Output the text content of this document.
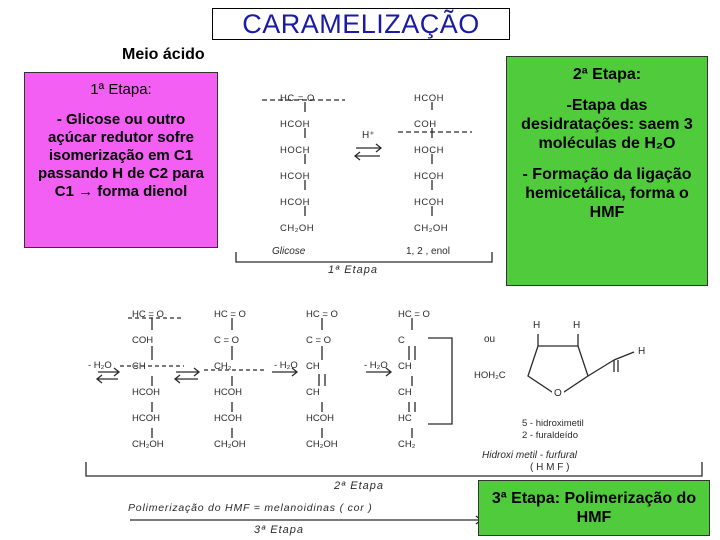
CARAMELIZAÇÃO
Meio ácido
HC = O
HCOH
HOCH
HCOH
HCOH
CH₂OH
HCOH
COH
HOCH
HCOH
HCOH
CH₂OH
H⁺
Glicose	1, 2 , enol
1ª Etapa
HC = O
COH
CH
HCOH
HCOH
CH₂OH
HC = O
C = O
CH₂
HCOH
HCOH
CH₂OH
HC = O
C = O
CH
CH
HCOH
CH₂OH
HC = O
C
CH
CH
HC
CH₂
- H₂O	- H₂O	- H₂O
ou
H	H
HOH₂C
O
H
5 - hidroximetil
2 - furaldeído
Hidroxi metil - furfural
( H M F )
2ª Etapa
Polimerização do HMF = melanoidinas ( cor )
3ª Etapa

1ª Etapa:

- Glicose ou outro açúcar redutor sofre isomerização em C1 passando H de C2 para C1 → forma dienol

2ª Etapa:

-Etapa das desidratações: saem 3 moléculas de H₂O

- Formação da ligação hemicetálica, forma o HMF

3ª Etapa: Polimerização do HMF
